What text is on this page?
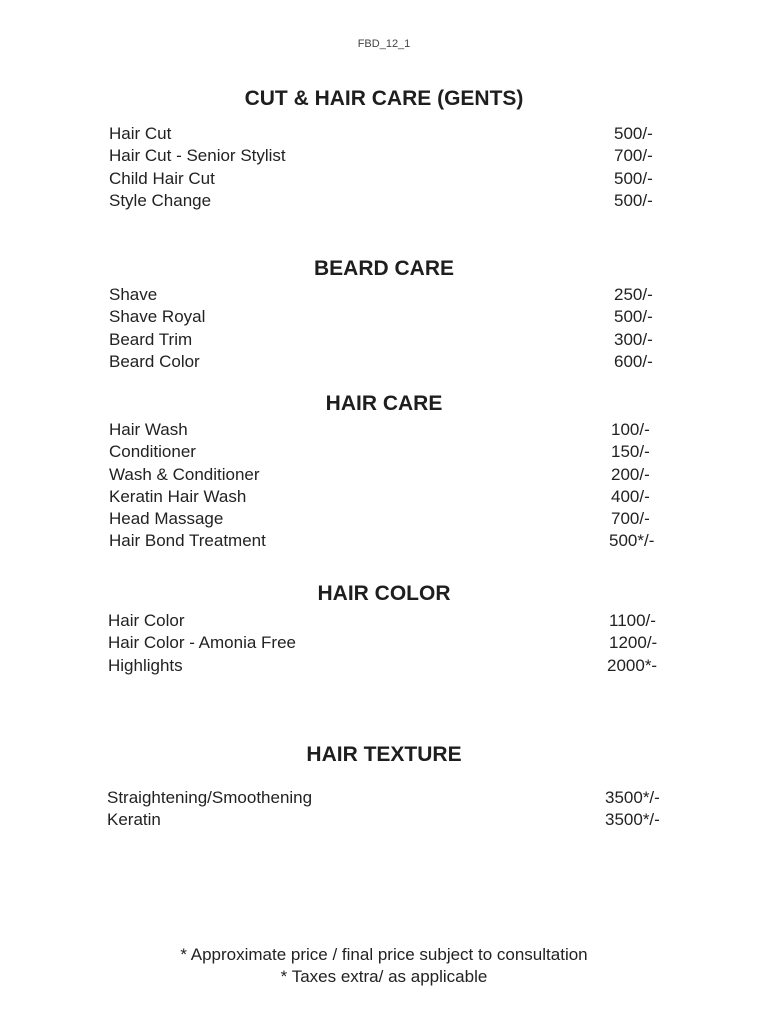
FBD_12_1
CUT & HAIR CARE (GENTS)
Hair Cut	500/-
Hair Cut - Senior Stylist	700/-
Child Hair Cut	500/-
Style Change	500/-
BEARD CARE
Shave	250/-
Shave Royal	500/-
Beard Trim	300/-
Beard Color	600/-
HAIR CARE
Hair Wash	100/-
Conditioner	150/-
Wash & Conditioner	200/-
Keratin Hair Wash	400/-
Head Massage	700/-
Hair Bond Treatment	500*/-
HAIR COLOR
Hair Color	1100/-
Hair Color - Amonia Free	1200/-
Highlights	2000*-
HAIR TEXTURE
Straightening/Smoothening	3500*/-
Keratin	3500*/-
* Approximate price / final price subject to consultation
* Taxes extra/ as applicable
